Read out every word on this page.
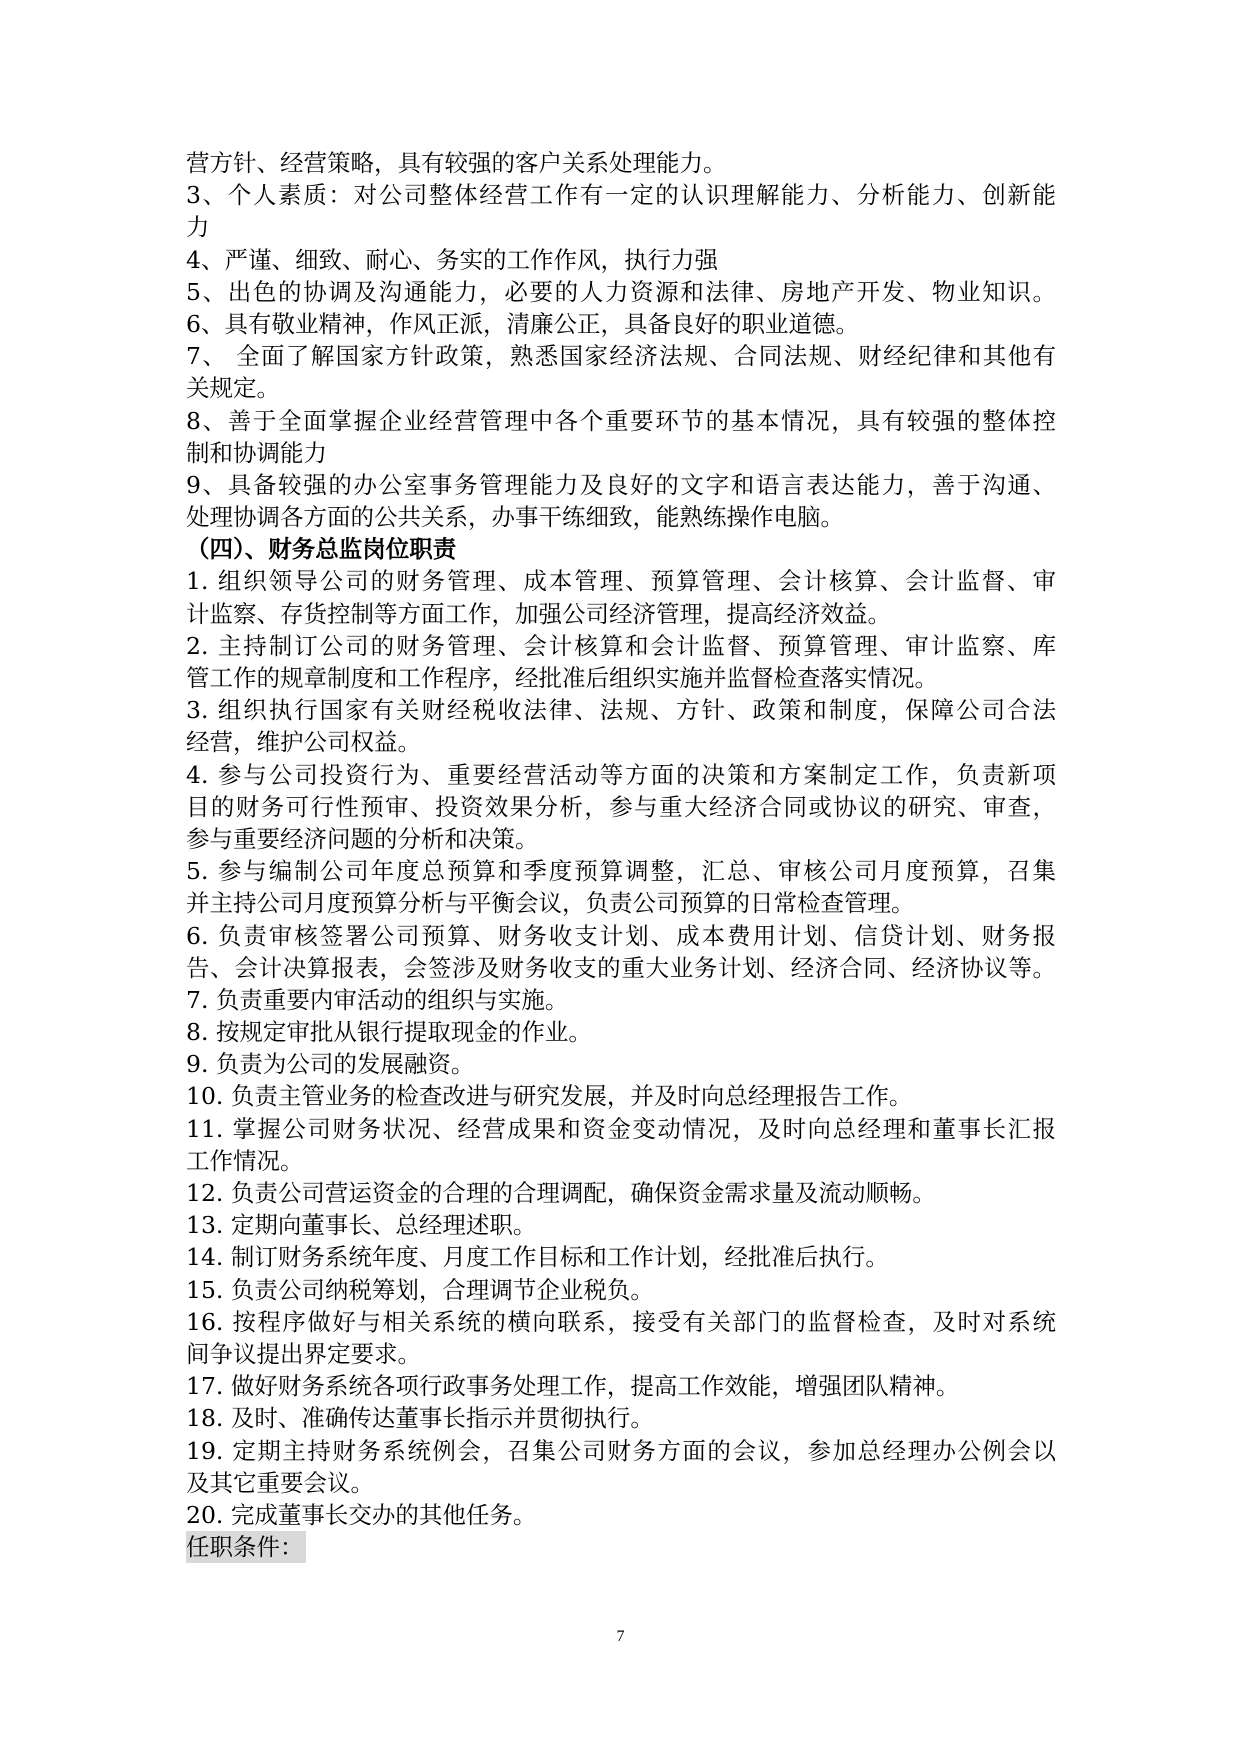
营方针、经营策略，具有较强的客户关系处理能力。
3、个人素质：对公司整体经营工作有一定的认识理解能力、分析能力、创新能
力
4、严谨、细致、耐心、务实的工作作风，执行力强
5、出色的协调及沟通能力，必要的人力资源和法律、房地产开发、物业知识。
6、具有敬业精神，作风正派，清廉公正，具备良好的职业道德。
7、 全面了解国家方针政策，熟悉国家经济法规、合同法规、财经纪律和其他有
关规定。
8、善于全面掌握企业经营管理中各个重要环节的基本情况，具有较强的整体控
制和协调能力
9、具备较强的办公室事务管理能力及良好的文字和语言表达能力，善于沟通、
处理协调各方面的公共关系，办事干练细致，能熟练操作电脑。
（四）、财务总监岗位职责
1. 组织领导公司的财务管理、成本管理、预算管理、会计核算、会计监督、审
计监察、存货控制等方面工作，加强公司经济管理，提高经济效益。
2. 主持制订公司的财务管理、会计核算和会计监督、预算管理、审计监察、库
管工作的规章制度和工作程序，经批准后组织实施并监督检查落实情况。
3. 组织执行国家有关财经税收法律、法规、方针、政策和制度，保障公司合法
经营，维护公司权益。
4. 参与公司投资行为、重要经营活动等方面的决策和方案制定工作，负责新项
目的财务可行性预审、投资效果分析，参与重大经济合同或协议的研究、审查，
参与重要经济问题的分析和决策。
5. 参与编制公司年度总预算和季度预算调整，汇总、审核公司月度预算，召集
并主持公司月度预算分析与平衡会议，负责公司预算的日常检查管理。
6. 负责审核签署公司预算、财务收支计划、成本费用计划、信贷计划、财务报
告、会计决算报表，会签涉及财务收支的重大业务计划、经济合同、经济协议等。
7. 负责重要内审活动的组织与实施。
8. 按规定审批从银行提取现金的作业。
9. 负责为公司的发展融资。
10. 负责主管业务的检查改进与研究发展，并及时向总经理报告工作。
11. 掌握公司财务状况、经营成果和资金变动情况，及时向总经理和董事长汇报
工作情况。
12. 负责公司营运资金的合理的合理调配，确保资金需求量及流动顺畅。
13. 定期向董事长、总经理述职。
14. 制订财务系统年度、月度工作目标和工作计划，经批准后执行。
15. 负责公司纳税筹划，合理调节企业税负。
16. 按程序做好与相关系统的横向联系，接受有关部门的监督检查，及时对系统
间争议提出界定要求。
17. 做好财务系统各项行政事务处理工作，提高工作效能，增强团队精神。
18. 及时、准确传达董事长指示并贯彻执行。
19. 定期主持财务系统例会，召集公司财务方面的会议，参加总经理办公例会以
及其它重要会议。
20. 完成董事长交办的其他任务。
任职条件：
7
